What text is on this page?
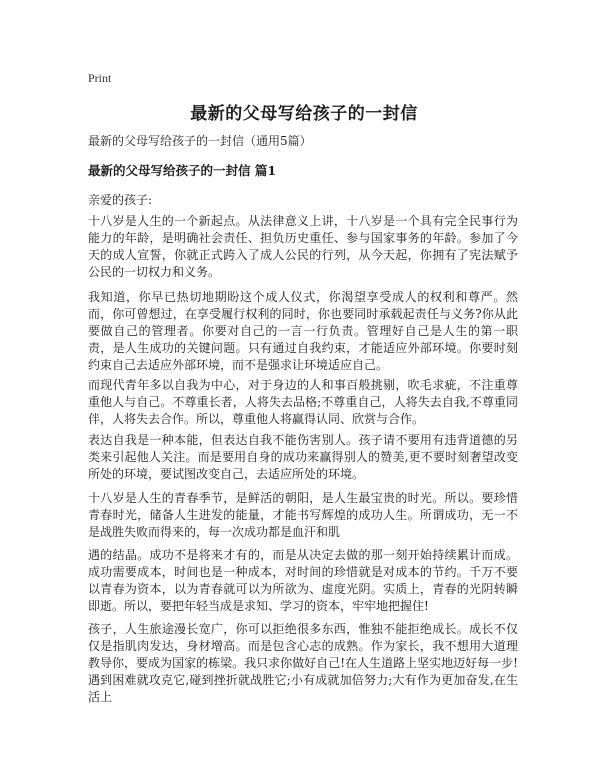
Print
最新的父母写给孩子的一封信
最新的父母写给孩子的一封信（通用5篇）
最新的父母写给孩子的一封信 篇1
亲爱的孩子:
十八岁是人生的一个新起点。从法律意义上讲，十八岁是一个具有完全民事行为能力的年龄，是明确社会责任、担负历史重任、参与国家事务的年龄。参加了今天的成人宣誓，你就正式跨入了成人公民的行列，从今天起，你拥有了宪法赋予公民的一切权力和义务。
我知道，你早已热切地期盼这个成人仪式，你渴望享受成人的权利和尊严。然而，你可曾想过，在享受履行权利的同时，你也要同时承载起责任与义务?你从此要做自己的管理者。你要对自己的一言一行负责。管理好自己是人生的第一职责，是人生成功的关键问题。只有通过自我约束，才能适应外部环境。你要时刻约束自己去适应外部环境，而不是强求让环境适应自己。
而现代青年多以自我为中心，对于身边的人和事百般挑剔，吹毛求疵，不注重尊重他人与自己。不尊重长者，人将失去品格;不尊重自己，人将失去自我,不尊重同伴，人将失去合作。所以，尊重他人将赢得认同、欣赏与合作。
表达自我是一种本能，但表达自我不能伤害别人。孩子请不要用有违背道德的另类来引起他人关注。而是要用自身的成功来赢得别人的赞美,更不要时刻奢望改变所处的环境，要试图改变自己，去适应所处的环境。
十八岁是人生的青春季节，是鲜活的朝阳，是人生最宝贵的时光。所以。要珍惜青春时光，储备人生进发的能量，才能书写辉煌的成功人生。所谓成功，无一不是战胜失败而得来的，每一次成功都是血汗和肌
遇的结晶。成功不是将来才有的，而是从决定去做的那一刻开始持续累计而成。成功需要成本，时间也是一种成本，对时间的珍惜就是对成本的节约。千万不要以青春为资本，以为青春就可以为所欲为、虚度光阴。实质上，青春的光阴转瞬即逝。所以，要把年轻当成是求知、学习的资本，牢牢地把握住!
孩子，人生旅途漫长宽广，你可以拒绝很多东西，惟独不能拒绝成长。成长不仅仅是指肌肉发达，身材增高。而是包含心志的成熟。作为家长，我不想用大道理教导你，要成为国家的栋梁。我只求你做好自己!在人生道路上坚实地迈好每一步!遇到困难就攻克它,碰到挫折就战胜它;小有成就加倍努力;大有作为更加奋发,在生活上
